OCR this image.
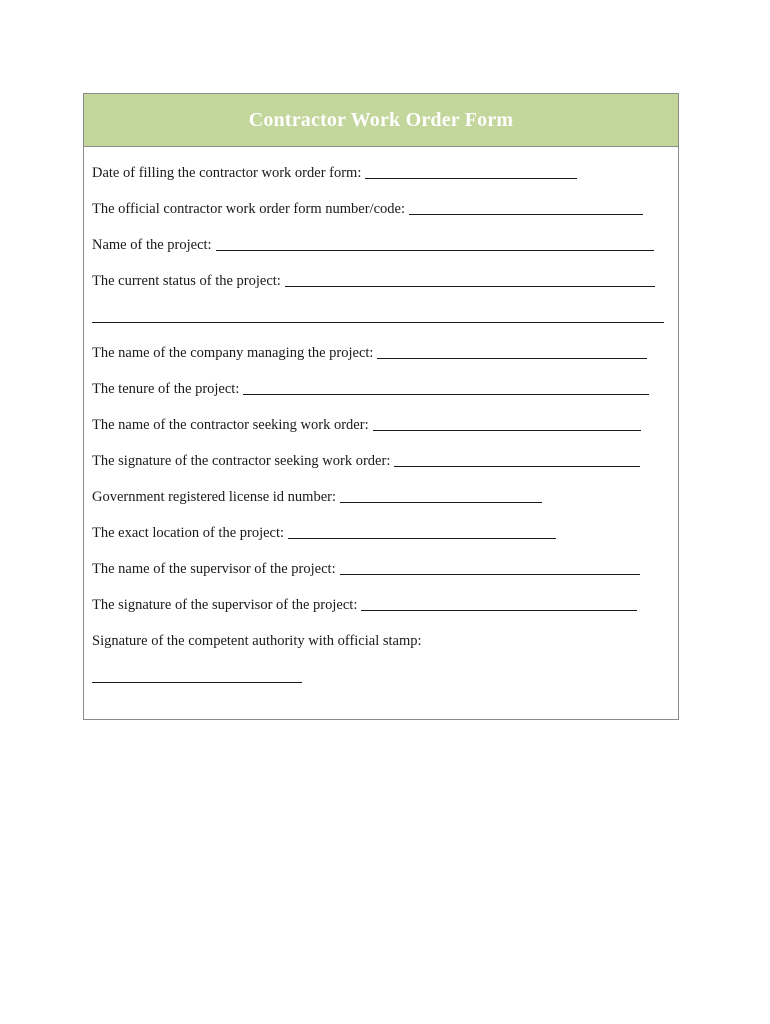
Contractor Work Order Form
Date of filling the contractor work order form:
The official contractor work order form number/code:
Name of the project:
The current status of the project:
The name of the company managing the project:
The tenure of the project:
The name of the contractor seeking work order:
The signature of the contractor seeking work order:
Government registered license id number:
The exact location of the project:
The name of the supervisor of the project:
The signature of the supervisor of the project:
Signature of the competent authority with official stamp:
